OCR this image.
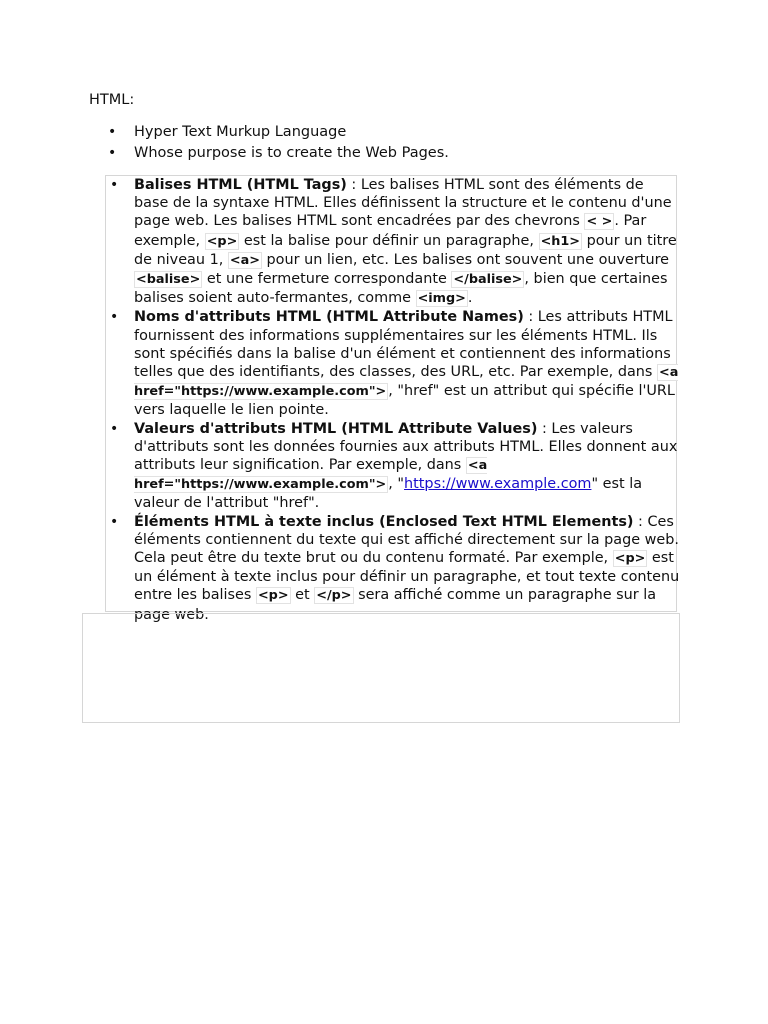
HTML:
• Hyper Text Murkup Language
• Whose purpose is to create the Web Pages.
• Balises HTML (HTML Tags) : Les balises HTML sont des éléments de base de la syntaxe HTML. Elles définissent la structure et le contenu d'une page web. Les balises HTML sont encadrées par des chevrons < > . Par exemple, <p> est la balise pour définir un paragraphe, <h1> pour un titre de niveau 1, <a> pour un lien, etc. Les balises ont souvent une ouverture <balise> et une fermeture correspondante </balise> , bien que certaines balises soient auto-fermantes, comme <img> .
• Noms d'attributs HTML (HTML Attribute Names) : Les attributs HTML fournissent des informations supplémentaires sur les éléments HTML. Ils sont spécifiés dans la balise d'un élément et contiennent des informations telles que des identifiants, des classes, des URL, etc. Par exemple, dans <a href="https://www.example.com"> , "href" est un attribut qui spécifie l'URL vers laquelle le lien pointe.
• Valeurs d'attributs HTML (HTML Attribute Values) : Les valeurs d'attributs sont les données fournies aux attributs HTML. Elles donnent aux attributs leur signification. Par exemple, dans <a href="https://www.example.com"> , "https://www.example.com" est la valeur de l'attribut "href".
• Éléments HTML à texte inclus (Enclosed Text HTML Elements) : Ces éléments contiennent du texte qui est affiché directement sur la page web. Cela peut être du texte brut ou du contenu formaté. Par exemple, <p> est un élément à texte inclus pour définir un paragraphe, et tout texte contenu entre les balises <p> et </p> sera affiché comme un paragraphe sur la page web.
